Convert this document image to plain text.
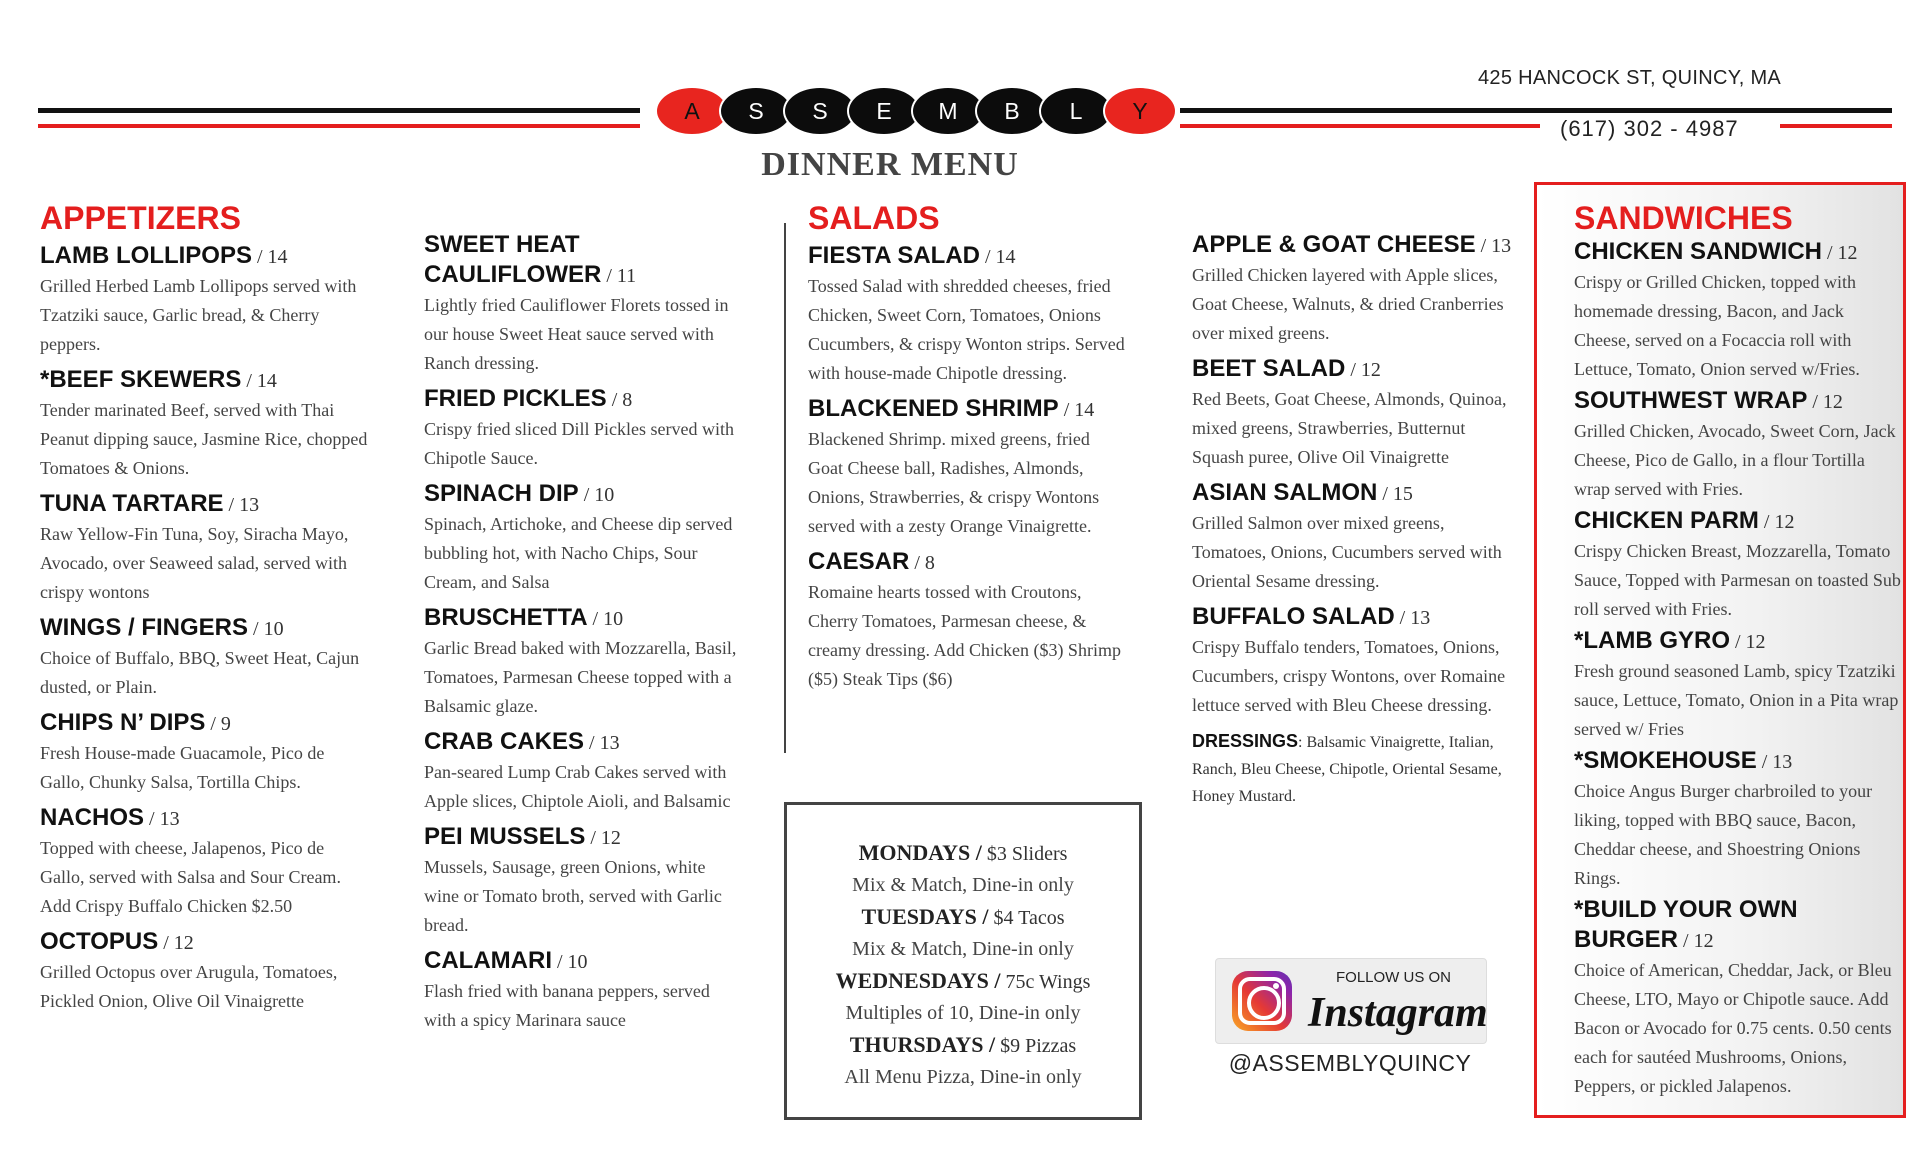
A	S	S	E	M	B	L	Y
425 HANCOCK ST, QUINCY, MA
(617) 302 - 4987
DINNER MENU
APPETIZERS
LAMB LOLLIPOPS / 14
Grilled Herbed Lamb Lollipops served with Tzatziki sauce, Garlic bread, & Cherry peppers.
*BEEF SKEWERS / 14
Tender marinated Beef, served with Thai Peanut dipping sauce, Jasmine Rice, chopped Tomatoes & Onions.
TUNA TARTARE / 13
Raw Yellow-Fin Tuna, Soy, Siracha Mayo, Avocado, over Seaweed salad, served with crispy wontons
WINGS / FINGERS / 10
Choice of Buffalo, BBQ, Sweet Heat, Cajun dusted, or Plain.
CHIPS N’ DIPS / 9
Fresh House-made Guacamole, Pico de Gallo, Chunky Salsa, Tortilla Chips.
NACHOS / 13
Topped with cheese, Jalapenos, Pico de Gallo, served with Salsa and Sour Cream. Add Crispy Buffalo Chicken $2.50
OCTOPUS / 12
Grilled Octopus over Arugula, Tomatoes, Pickled Onion, Olive Oil Vinaigrette
SWEET HEAT CAULIFLOWER / 11
Lightly fried Cauliflower Florets tossed in our house Sweet Heat sauce served with Ranch dressing.
FRIED PICKLES / 8
Crispy fried sliced Dill Pickles served with Chipotle Sauce.
SPINACH DIP / 10
Spinach, Artichoke, and Cheese dip served bubbling hot, with Nacho Chips, Sour Cream, and Salsa
BRUSCHETTA / 10
Garlic Bread baked with Mozzarella, Basil, Tomatoes, Parmesan Cheese topped with a Balsamic glaze.
CRAB CAKES / 13
Pan-seared Lump Crab Cakes served with Apple slices, Chiptole Aioli, and Balsamic
PEI MUSSELS / 12
Mussels, Sausage, green Onions, white wine or Tomato broth, served with Garlic bread.
CALAMARI / 10
Flash fried with banana peppers, served with a spicy Marinara sauce
SALADS
FIESTA SALAD / 14
Tossed Salad with shredded cheeses, fried Chicken, Sweet Corn, Tomatoes, Onions Cucumbers, & crispy Wonton strips. Served with house-made Chipotle dressing.
BLACKENED SHRIMP / 14
Blackened Shrimp. mixed greens, fried Goat Cheese ball, Radishes, Almonds, Onions, Strawberries, & crispy Wontons served with a zesty Orange Vinaigrette.
CAESAR / 8
Romaine hearts tossed with Croutons, Cherry Tomatoes, Parmesan cheese, & creamy dressing. Add Chicken ($3) Shrimp ($5) Steak Tips ($6)
MONDAYS / $3 Sliders
Mix & Match, Dine-in only
TUESDAYS / $4 Tacos
Mix & Match, Dine-in only
WEDNESDAYS / 75c Wings
Multiples of 10, Dine-in only
THURSDAYS / $9 Pizzas
All Menu Pizza, Dine-in only
APPLE & GOAT CHEESE / 13
Grilled Chicken layered with Apple slices, Goat Cheese, Walnuts, & dried Cranberries over mixed greens.
BEET SALAD / 12
Red Beets, Goat Cheese, Almonds, Quinoa, mixed greens, Strawberries, Butternut Squash puree, Olive Oil Vinaigrette
ASIAN SALMON / 15
Grilled Salmon over mixed greens, Tomatoes, Onions, Cucumbers served with Oriental Sesame dressing.
BUFFALO SALAD / 13
Crispy Buffalo tenders, Tomatoes, Onions, Cucumbers, crispy Wontons, over Romaine lettuce served with Bleu Cheese dressing.
DRESSINGS: Balsamic Vinaigrette, Italian, Ranch, Bleu Cheese, Chipotle, Oriental Sesame, Honey Mustard.
FOLLOW US ON
Instagram
@ASSEMBLYQUINCY
SANDWICHES
CHICKEN SANDWICH / 12
Crispy or Grilled Chicken, topped with homemade dressing, Bacon, and Jack Cheese, served on a Focaccia roll with Lettuce, Tomato, Onion served w/Fries.
SOUTHWEST WRAP / 12
Grilled Chicken, Avocado, Sweet Corn, Jack Cheese, Pico de Gallo, in a flour Tortilla wrap served with Fries.
CHICKEN PARM / 12
Crispy Chicken Breast, Mozzarella, Tomato Sauce, Topped with Parmesan on toasted Sub roll served with Fries.
*LAMB GYRO / 12
Fresh ground seasoned Lamb, spicy Tzatziki sauce, Lettuce, Tomato, Onion in a Pita wrap served w/ Fries
*SMOKEHOUSE / 13
Choice Angus Burger charbroiled to your liking, topped with BBQ sauce, Bacon, Cheddar cheese, and Shoestring Onions Rings.
*BUILD YOUR OWN BURGER / 12
Choice of American, Cheddar, Jack, or Bleu Cheese, LTO, Mayo or Chipotle sauce. Add Bacon or Avocado for 0.75 cents. 0.50 cents each for sautéed Mushrooms, Onions, Peppers, or pickled Jalapenos.
